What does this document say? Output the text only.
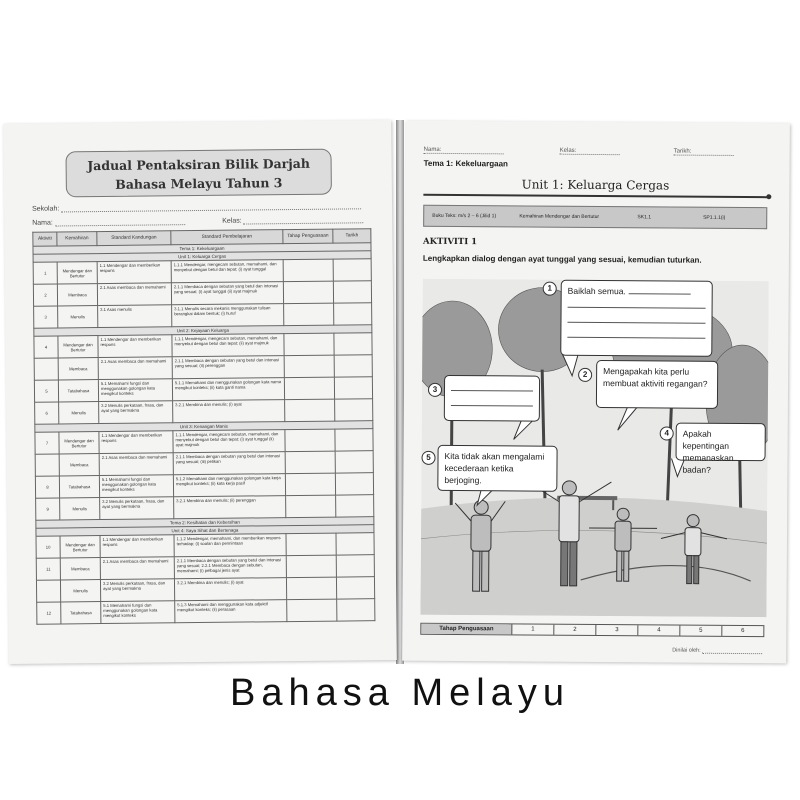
Jadual Pentaksiran Bilik Darjah
Bahasa Melayu Tahun 3
Sekolah:
Nama:	Kelas:
Aktiviti	Kemahiran	Standard Kandungan	Standard Pembelajaran	Tahap Penguasaan	Tarikh
Tema 1: Kekeluargaan					
Unit 1: Keluarga Cergas					
1	Mendengar dan Bertutur	1.1 Mendengar dan memberikan respons	1.1.1 Mendengar, mengecam sebutan, memahami, dan menyebut dengan betul dan tepat; (i) ayat tunggal		
2	Membaca	2.1 Asas membaca dan memahami	2.1.1 Membaca dengan sebutan yang betul dan intonasi yang sesuai; (i) ayat tunggal (ii) ayat majmuk		
3	Menulis	3.1 Asas menulis	3.1.1 Menulis secara mekanis menggunakan tulisan berangkai dalam bentuk; (i) huruf		
Unit 2: Kejayaan Keluarga					
4	Mendengar dan Bertutur	1.1 Mendengar dan memberikan respons	1.1.1 Mendengar, mengecam sebutan, memahami, dan menyebut dengan betul dan tepat; (ii) ayat majmuk		
	Membaca	2.1 Asas membaca dan memahami	2.1.1 Membaca dengan sebutan yang betul dan intonasi yang sesuai; (ii) perenggan		
5	Tatabahasa	5.1 Memahami fungsi dan menggunakan golongan kata mengikut konteks	5.1.1 Memahami dan menggunakan golongan kata nama mengikut konteks; (ii) kata ganti nama		
6	Menulis	3.2 Menulis perkataan, frasa, dan ayat yang bermakna	3.2.1 Membina dan menulis; (i) ayat		
Unit 3: Kenangan Manis					
7	Mendengar dan Bertutur	1.1 Mendengar dan memberikan respons	1.1.1 Mendengar, mengecam sebutan, memahami, dan menyebut dengan betul dan tepat; (i) ayat tunggal (ii) ayat majmuk		
	Membaca	2.1 Asas membaca dan memahami	2.1.1 Membaca dengan sebutan yang betul dan intonasi yang sesuai; (iii) petikan		
8	Tatabahasa	5.1 Memahami fungsi dan menggunakan golongan kata mengikut konteks	5.1.2 Memahami dan menggunakan golongan kata kerja mengikut konteks; (ii) kata kerja pasif		
9	Menulis	3.2 Menulis perkataan, frasa, dan ayat yang bermakna	3.2.1 Membina dan menulis; (ii) perenggan		
Tema 2: Kesihatan dan Kebersihan					
Unit 4: Saya Sihat dan Bertenaga					
10	Mendengar dan Bertutur	1.1 Mendengar dan memberikan respons	1.1.2 Mendengar, memahami, dan memberikan respons terhadap; (i) soalan dan permintaan		
11	Membaca	2.1 Asas membaca dan memahami	2.1.1 Membaca dengan sebutan yang betul dan intonasi yang sesuai; 2.2.1 Membaca dengan sebutan, memahami; (i) pelbagai jenis ayat		
	Menulis	3.2 Menulis perkataan, frasa, dan ayat yang bermakna	3.2.1 Membina dan menulis; (i) ayat		
12	Tatabahasa	5.1 Memahami fungsi dan menggunakan golongan kata mengikut konteks	5.1.3 Memahami dan menggunakan kata adjektif mengikut konteks; (ii) perasaan		
Nama:	Kelas:	Tarikh:
Tema 1: Kekeluargaan
Unit 1: Keluarga Cergas
Buku Teks: m/s 2 – 6 (Jilid 1)	Kemahiran Mendengar dan Bertutur	SK1.1	SP1.1.1(i)
AKTIVITI 1
Lengkapkan dialog dengan ayat tunggal yang sesuai, kemudian tuturkan.
1	Baiklah semua.
3
2	Mengapakah kita perlu membuat aktiviti regangan?
4	Apakah kepentingan memanaskan badan?
5	Kita tidak akan mengalami kecederaan ketika berjoging.
Tahap Penguasaan	1	2	3	4	5	6
Dinilai oleh:
Bahasa Melayu
